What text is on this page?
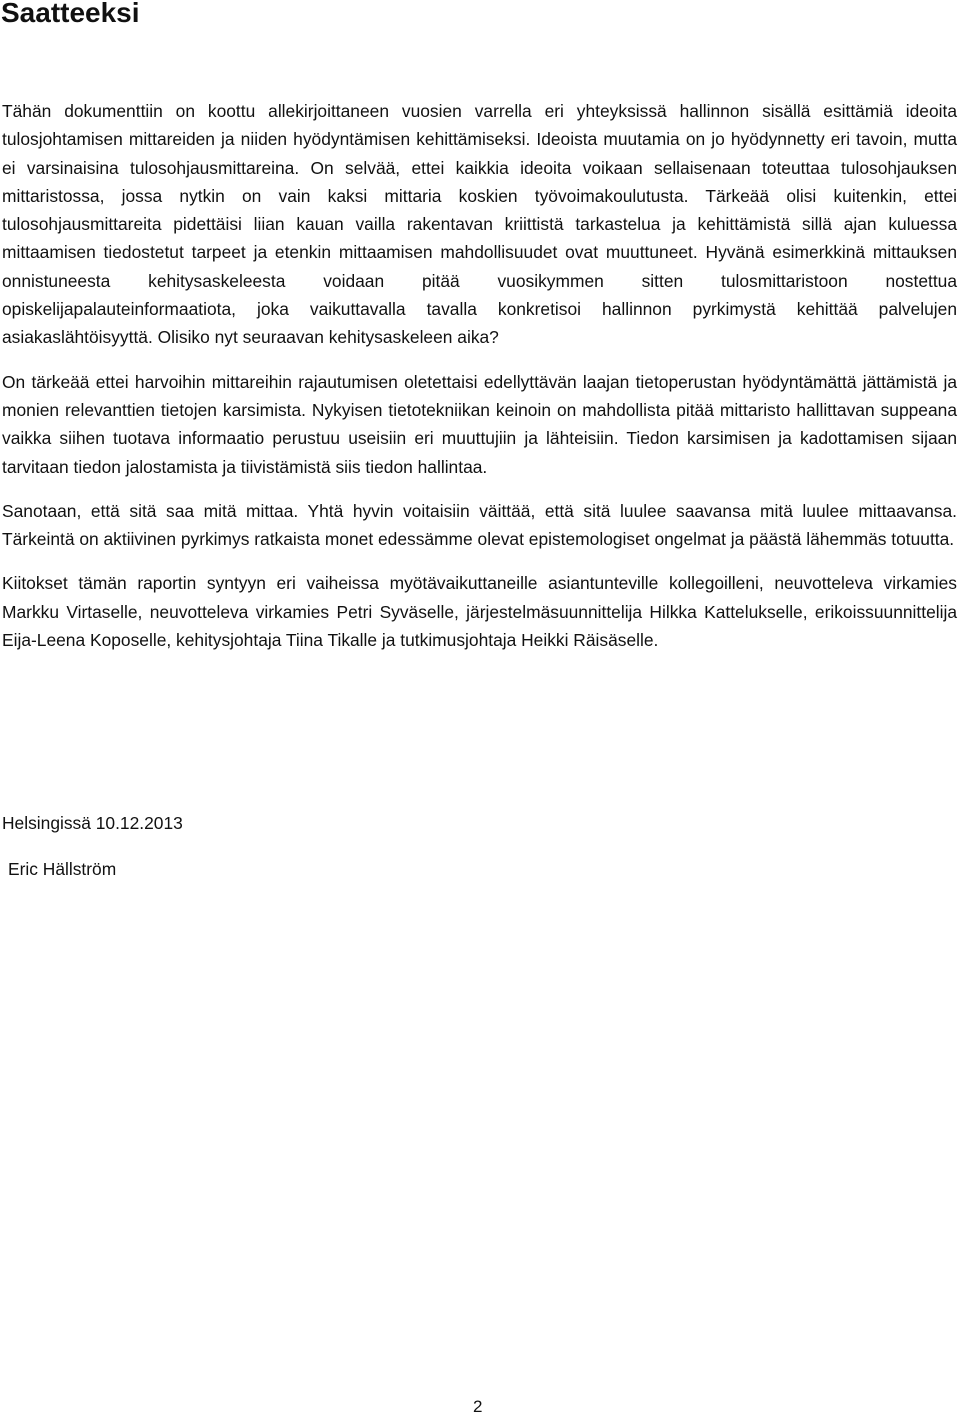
Saatteeksi

Tähän dokumenttiin on koottu allekirjoittaneen vuosien varrella eri yhteyksissä hallinnon sisällä esittämiä ideoita tulosjohtamisen mittareiden ja niiden hyödyntämisen kehittämiseksi. Ideoista muutamia on jo hyödynnetty eri tavoin, mutta ei varsinaisina tulosohjausmittareina. On selvää, ettei kaikkia ideoita voikaan sellaisenaan toteuttaa tulosohjauksen mittaristossa, jossa nytkin on vain kaksi mittaria koskien työvoimakoulutusta. Tärkeää olisi kuitenkin, ettei tulosohjausmittareita pidettäisi liian kauan vailla rakentavan kriittistä tarkastelua ja kehittämistä sillä ajan kuluessa mittaamisen tiedostetut tarpeet ja etenkin mittaamisen mahdollisuudet ovat muuttuneet. Hyvänä esimerkkinä mittauksen onnistuneesta kehitysaskeleesta voidaan pitää vuosikymmen sitten tulosmittaristoon nostettua opiskelijapalauteinformaatiota, joka vaikuttavalla tavalla konkretisoi hallinnon pyrkimystä kehittää palvelujen asiakaslähtöisyyttä. Olisiko nyt seuraavan kehitysaskeleen aika?

On tärkeää ettei harvoihin mittareihin rajautumisen oletettaisi edellyttävän laajan tietoperustan hyödyntämättä jättämistä ja monien relevanttien tietojen karsimista. Nykyisen tietotekniikan keinoin on mahdollista pitää mittaristo hallittavan suppeana vaikka siihen tuotava informaatio perustuu useisiin eri muuttujiin ja lähteisiin. Tiedon karsimisen ja kadottamisen sijaan tarvitaan tiedon jalostamista ja tiivistämistä siis tiedon hallintaa.

Sanotaan, että sitä saa mitä mittaa. Yhtä hyvin voitaisiin väittää, että sitä luulee saavansa mitä luulee mittaavansa. Tärkeintä on aktiivinen pyrkimys ratkaista monet edessämme olevat epistemologiset ongelmat ja päästä lähemmäs totuutta.

Kiitokset tämän raportin syntyyn eri vaiheissa myötävaikuttaneille asiantunteville kollegoilleni, neuvotteleva virkamies Markku Virtaselle, neuvotteleva virkamies Petri Syväselle, järjestelmäsuunnittelija Hilkka Kattelukselle, erikoissuunnittelija Eija-Leena Koposelle, kehitysjohtaja Tiina Tikalle ja tutkimusjohtaja Heikki Räisäselle.

Helsingissä 10.12.2013
Eric Hällström
2
